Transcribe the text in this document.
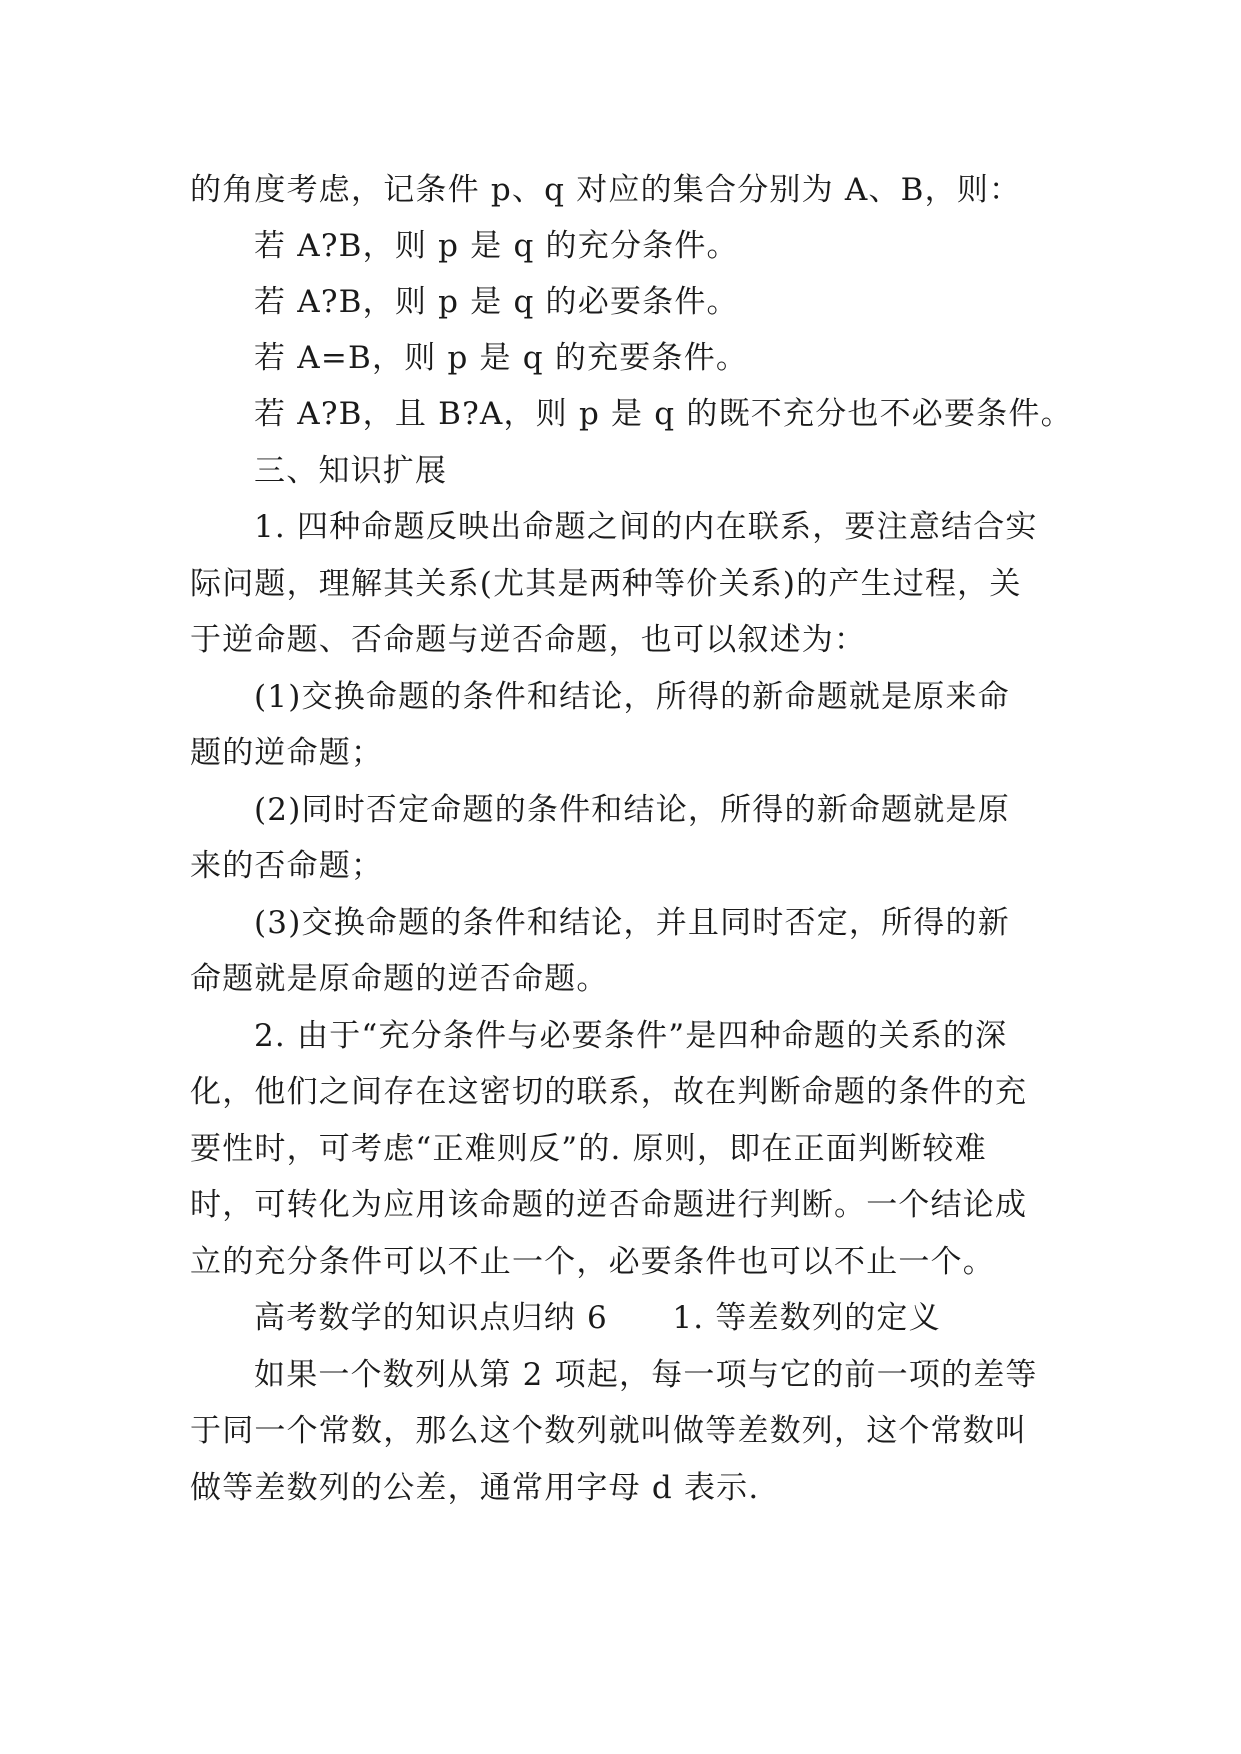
的角度考虑，记条件 p、q 对应的集合分别为 A、B，则：
若 A?B，则 p 是 q 的充分条件。
若 A?B，则 p 是 q 的必要条件。
若 A=B，则 p 是 q 的充要条件。
若 A?B，且 B?A，则 p 是 q 的既不充分也不必要条件。
三、知识扩展
1. 四种命题反映出命题之间的内在联系，要注意结合实
际问题，理解其关系(尤其是两种等价关系)的产生过程，关
于逆命题、否命题与逆否命题，也可以叙述为：
(1)交换命题的条件和结论，所得的新命题就是原来命
题的逆命题；
(2)同时否定命题的条件和结论，所得的新命题就是原
来的否命题；
(3)交换命题的条件和结论，并且同时否定，所得的新
命题就是原命题的逆否命题。
2. 由于“充分条件与必要条件”是四种命题的关系的深
化，他们之间存在这密切的联系，故在判断命题的条件的充
要性时，可考虑“正难则反”的. 原则，即在正面判断较难
时，可转化为应用该命题的逆否命题进行判断。一个结论成
立的充分条件可以不止一个，必要条件也可以不止一个。
高考数学的知识点归纳 6　　1. 等差数列的定义
如果一个数列从第 2 项起，每一项与它的前一项的差等
于同一个常数，那么这个数列就叫做等差数列，这个常数叫
做等差数列的公差，通常用字母 d 表示.
